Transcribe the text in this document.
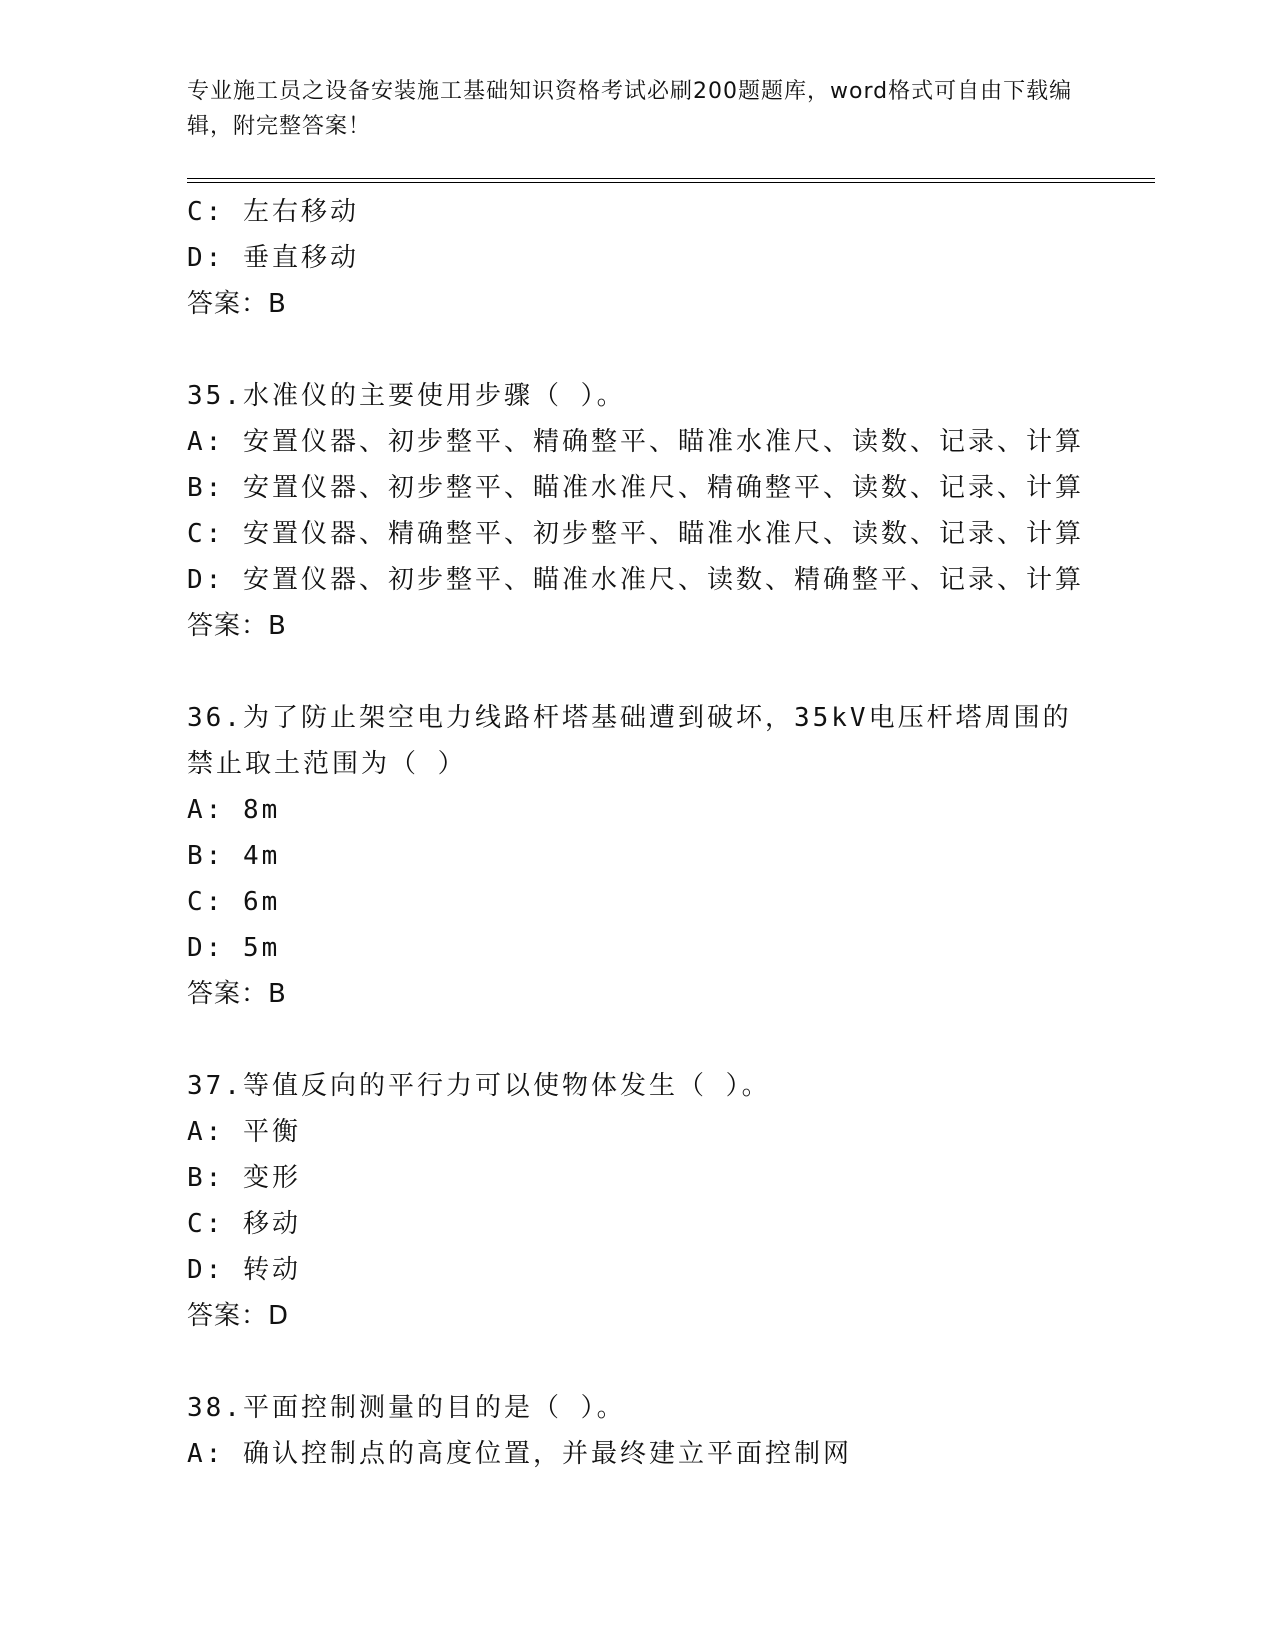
专业施工员之设备安装施工基础知识资格考试必刷200题题库，word格式可自由下载编辑，附完整答案！
C: 左右移动
D: 垂直移动
答案：B
35.水准仪的主要使用步骤（ ）。
A: 安置仪器、初步整平、精确整平、瞄准水准尺、读数、记录、计算
B: 安置仪器、初步整平、瞄准水准尺、精确整平、读数、记录、计算
C: 安置仪器、精确整平、初步整平、瞄准水准尺、读数、记录、计算
D: 安置仪器、初步整平、瞄准水准尺、读数、精确整平、记录、计算
答案：B
36.为了防止架空电力线路杆塔基础遭到破坏，35kV电压杆塔周围的禁止取土范围为（ ）
A: 8m
B: 4m
C: 6m
D: 5m
答案：B
37.等值反向的平行力可以使物体发生（ ）。
A: 平衡
B: 变形
C: 移动
D: 转动
答案：D
38.平面控制测量的目的是（ ）。
A: 确认控制点的高度位置，并最终建立平面控制网
